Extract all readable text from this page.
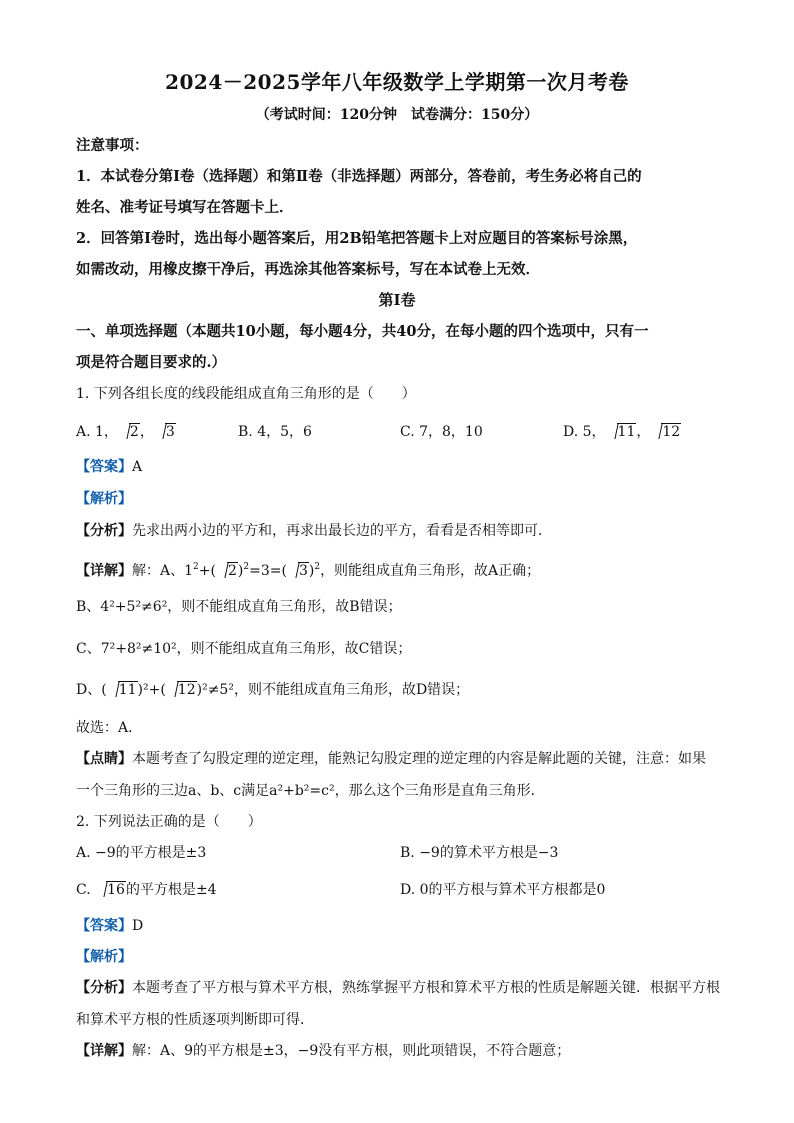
2024－2025学年八年级数学上学期第一次月考卷
（考试时间：120分钟　试卷满分：150分）
注意事项：
1．本试卷分第Ⅰ卷（选择题）和第Ⅱ卷（非选择题）两部分，答卷前，考生务必将自己的
姓名、准考证号填写在答题卡上．
2．回答第Ⅰ卷时，选出每小题答案后，用2B铅笔把答题卡上对应题目的答案标号涂黑，
如需改动，用橡皮擦干净后，再选涂其他答案标号，写在本试卷上无效．
第Ⅰ卷
一、单项选择题（本题共10小题，每小题4分，共40分，在每小题的四个选项中，只有一
项是符合题目要求的.）
1. 下列各组长度的线段能组成直角三角形的是（　　）
A. 1， 2， 3	B. 4，5，6	C. 7，8，10	D. 5， 11， 12
【答案】A
【解析】
【分析】先求出两小边的平方和，再求出最长边的平方，看看是否相等即可．
【详解】解：A、$1^2+$( 2)$^2$=3=( 3)$^2$，则能组成直角三角形，故A正确；
B、4²+5²≠6²，则不能组成直角三角形，故B错误；
C、7²+8²≠10²，则不能组成直角三角形，故C错误；
D、( 11)²+( 12)²≠5²，则不能组成直角三角形，故D错误；
故选：A．
【点睛】本题考查了勾股定理的逆定理，能熟记勾股定理的逆定理的内容是解此题的关键，注意：如果
一个三角形的三边a、b、c满足a²+b²=c²，那么这个三角形是直角三角形．
2. 下列说法正确的是（　　）
A. −9的平方根是±3	B. −9的算术平方根是−3
C. 16的平方根是±4	D. 0的平方根与算术平方根都是0
【答案】D
【解析】
【分析】本题考查了平方根与算术平方根，熟练掌握平方根和算术平方根的性质是解题关键．根据平方根
和算术平方根的性质逐项判断即可得．
【详解】解：A、9的平方根是±3，−9没有平方根，则此项错误，不符合题意；
